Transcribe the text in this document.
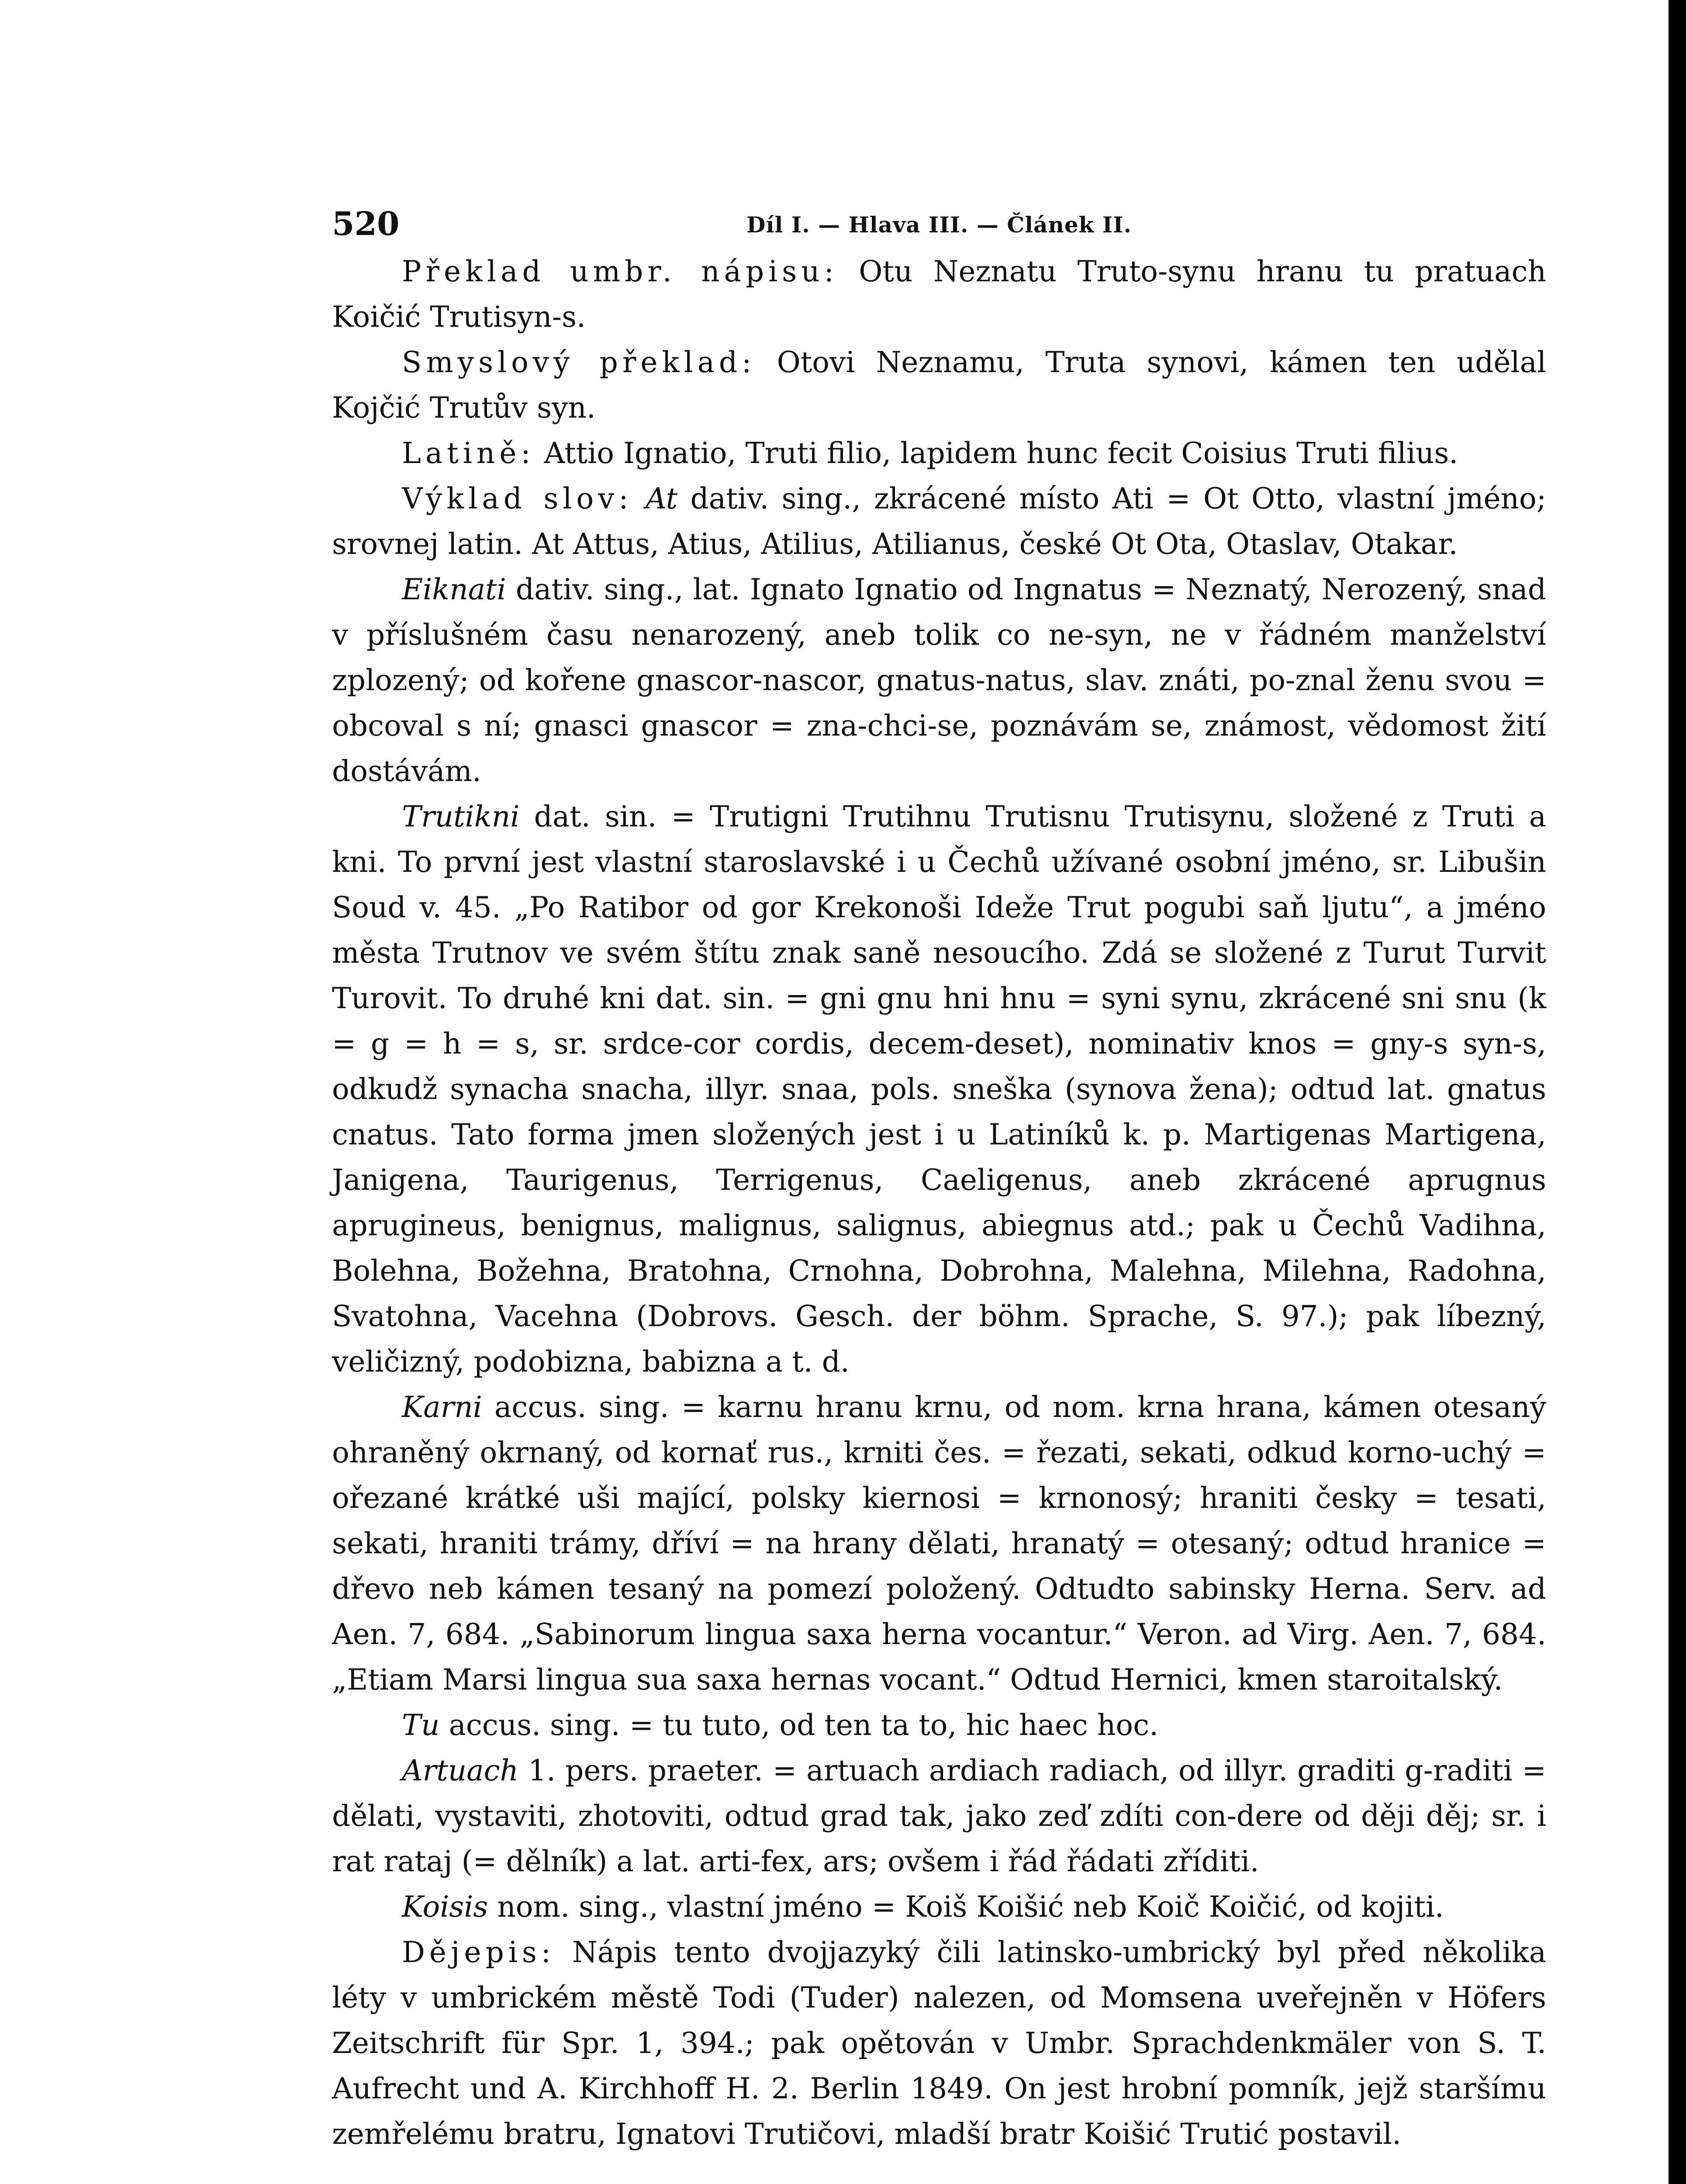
520	Díl I. — Hlava III. — Článek II.

Překlad umbr. nápisu: Otu Neznatu Truto-synu hranu tu pratuach Koičić Trutisyn-s.

Smyslový překlad: Otovi Neznamu, Truta synovi, kámen ten udělal Kojčić Trutův syn.

Latině: Attio Ignatio, Truti filio, lapidem hunc fecit Coisius Truti filius.

Výklad slov: At dativ. sing., zkrácené místo Ati = Ot Otto, vlastní jméno; srovnej latin. At Attus, Atius, Atilius, Atilianus, české Ot Ota, Otaslav, Otakar.

Eiknati dativ. sing., lat. Ignato Ignatio od Ingnatus = Neznatý, Nerozený, snad v příslušném času nenarozený, aneb tolik co ne-syn, ne v řádném manželství zplozený; od kořene gnascor-nascor, gnatus-natus, slav. znáti, po-znal ženu svou = obcoval s ní; gnasci gnascor = zna-chci-se, poznávám se, známost, vědomost žití dostávám.

Trutikni dat. sin. = Trutigni Trutihnu Trutisnu Trutisynu, složené z Truti a kni. To první jest vlastní staroslavské i u Čechů užívané osobní jméno, sr. Libušin Soud v. 45. „Po Ratibor od gor Krekonoši Ideže Trut pogubi saň ljutu“, a jméno města Trutnov ve svém štítu znak saně nesoucího. Zdá se složené z Turut Turvit Turovit. To druhé kni dat. sin. = gni gnu hni hnu = syni synu, zkrácené sni snu (k = g = h = s, sr. srdce-cor cordis, decem-deset), nominativ knos = gny-s syn-s, odkudž synacha snacha, illyr. snaa, pols. sneška (synova žena); odtud lat. gnatus cnatus. Tato forma jmen složených jest i u Latiníků k. p. Martigenas Martigena, Janigena, Taurigenus, Terrigenus, Caeligenus, aneb zkrácené aprugnus aprugineus, benignus, malignus, salignus, abiegnus atd.; pak u Čechů Vadihna, Bolehna, Božehna, Bratohna, Crnohna, Dobrohna, Malehna, Milehna, Radohna, Svatohna, Vacehna (Dobrovs. Gesch. der böhm. Sprache, S. 97.); pak líbezný, veličizný, podobizna, babizna a t. d.

Karni accus. sing. = karnu hranu krnu, od nom. krna hrana, kámen otesaný ohraněný okrnaný, od kornať rus., krniti čes. = řezati, sekati, odkud korno-uchý = ořezané krátké uši mající, polsky kiernosi = krnonosý; hraniti česky = tesati, sekati, hraniti trámy, dříví = na hrany dělati, hranatý = otesaný; odtud hranice = dřevo neb kámen tesaný na pomezí položený. Odtudto sabinsky Herna. Serv. ad Aen. 7, 684. „Sabinorum lingua saxa herna vocantur.“ Veron. ad Virg. Aen. 7, 684. „Etiam Marsi lingua sua saxa hernas vocant.“ Odtud Hernici, kmen staroitalský.

Tu accus. sing. = tu tuto, od ten ta to, hic haec hoc.

Artuach 1. pers. praeter. = artuach ardiach radiach, od illyr. graditi g-raditi = dělati, vystaviti, zhotoviti, odtud grad tak, jako zeď zdíti con-dere od ději děj; sr. i rat rataj (= dělník) a lat. arti-fex, ars; ovšem i řád řádati zříditi.

Koisis nom. sing., vlastní jméno = Koiš Koišić neb Koič Koičić, od kojiti.

Dějepis: Nápis tento dvojjazyký čili latinsko-umbrický byl před několika léty v umbrickém městě Todi (Tuder) nalezen, od Momsena uveřejněn v Höfers Zeitschrift für Spr. 1, 394.; pak opětován v Umbr. Sprachdenkmäler von S. T. Aufrecht und A. Kirchhoff H. 2. Berlin 1849. On jest hrobní pomník, jejž staršímu zemřelému bratru, Ignatovi Trutičovi, mladší bratr Koišić Trutić postavil.
